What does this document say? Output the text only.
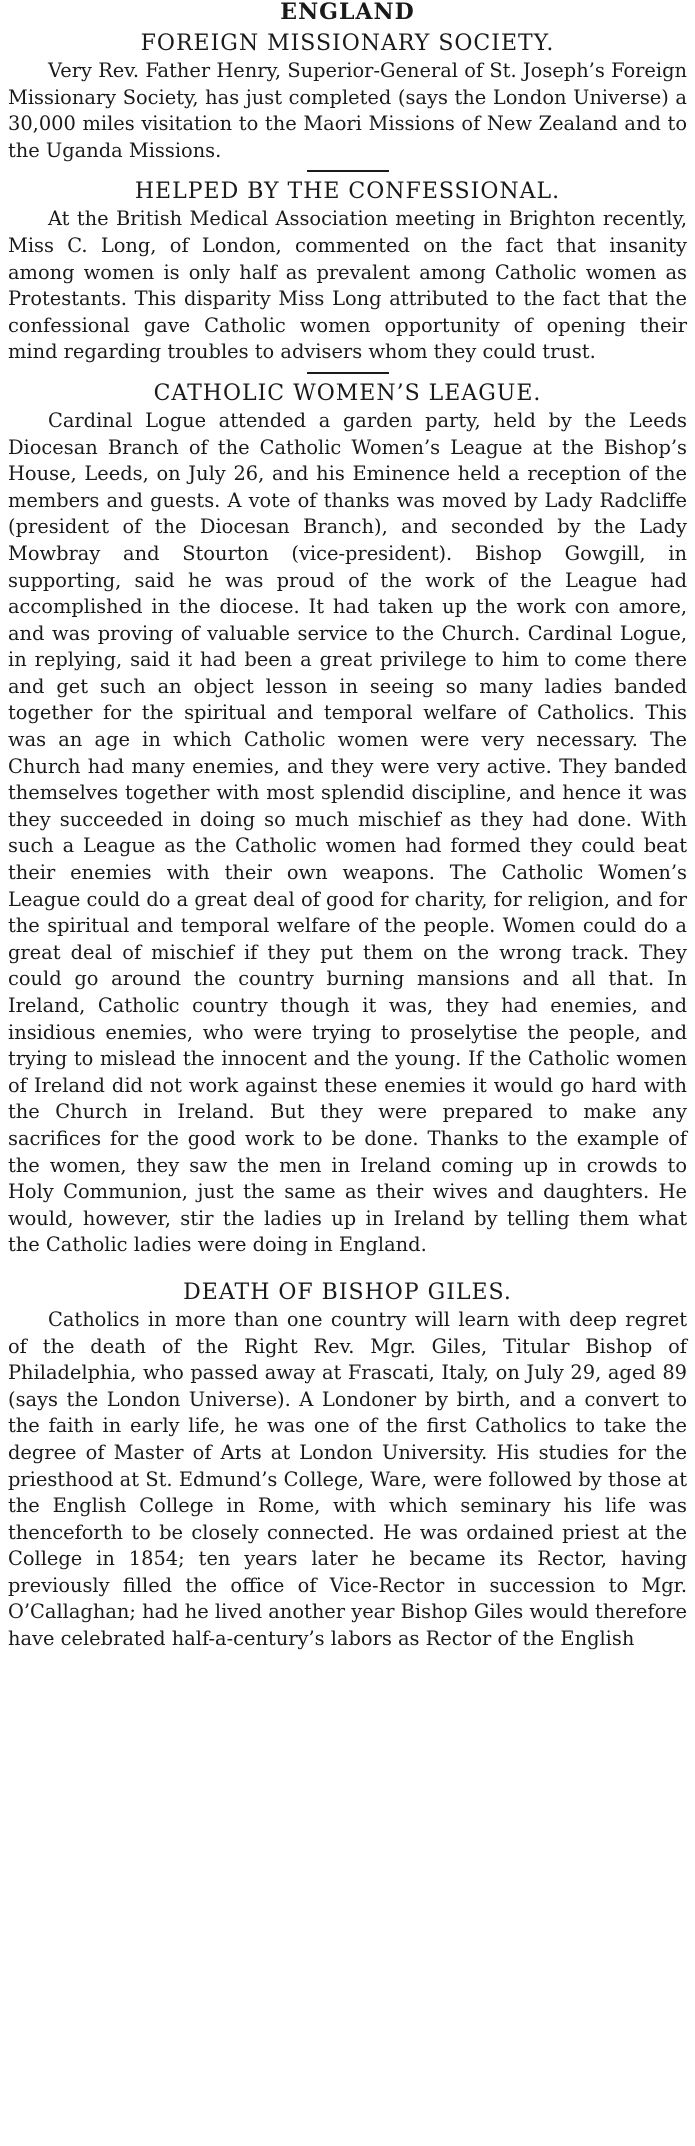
ENGLAND
FOREIGN MISSIONARY SOCIETY.

Very Rev. Father Henry, Superior-General of St. Joseph’s Foreign Missionary Society, has just completed (says the London Universe) a 30,000 miles visitation to the Maori Missions of New Zealand and to the Uganda Missions.

HELPED BY THE CONFESSIONAL.

At the British Medical Association meeting in Brighton recently, Miss C. Long, of London, commented on the fact that insanity among women is only half as prevalent among Catholic women as Protestants. This disparity Miss Long attributed to the fact that the confessional gave Catholic women opportunity of opening their mind regarding troubles to advisers whom they could trust.

CATHOLIC WOMEN’S LEAGUE.

Cardinal Logue attended a garden party, held by the Leeds Diocesan Branch of the Catholic Women’s League at the Bishop’s House, Leeds, on July 26, and his Eminence held a reception of the members and guests. A vote of thanks was moved by Lady Radcliffe (president of the Diocesan Branch), and seconded by the Lady Mowbray and Stourton (vice-president). Bishop Gowgill, in supporting, said he was proud of the work of the League had accomplished in the diocese. It had taken up the work con amore, and was proving of valuable service to the Church. Cardinal Logue, in replying, said it had been a great privilege to him to come there and get such an object lesson in seeing so many ladies banded together for the spiritual and temporal welfare of Catholics. This was an age in which Catholic women were very necessary. The Church had many enemies, and they were very active. They banded themselves together with most splendid discipline, and hence it was they succeeded in doing so much mischief as they had done. With such a League as the Catholic women had formed they could beat their enemies with their own weapons. The Catholic Women’s League could do a great deal of good for charity, for religion, and for the spiritual and temporal welfare of the people. Women could do a great deal of mischief if they put them on the wrong track. They could go around the country burning mansions and all that. In Ireland, Catholic country though it was, they had enemies, and insidious enemies, who were trying to proselytise the people, and trying to mislead the innocent and the young. If the Catholic women of Ireland did not work against these enemies it would go hard with the Church in Ireland. But they were prepared to make any sacrifices for the good work to be done. Thanks to the example of the women, they saw the men in Ireland coming up in crowds to Holy Communion, just the same as their wives and daughters. He would, however, stir the ladies up in Ireland by telling them what the Catholic ladies were doing in England.

DEATH OF BISHOP GILES.

Catholics in more than one country will learn with deep regret of the death of the Right Rev. Mgr. Giles, Titular Bishop of Philadelphia, who passed away at Frascati, Italy, on July 29, aged 89 (says the London Universe). A Londoner by birth, and a convert to the faith in early life, he was one of the first Catholics to take the degree of Master of Arts at London University. His studies for the priesthood at St. Edmund’s College, Ware, were followed by those at the English College in Rome, with which seminary his life was thenceforth to be closely connected. He was ordained priest at the College in 1854; ten years later he became its Rector, having previously filled the office of Vice-Rector in succession to Mgr. O’Callaghan; had he lived another year Bishop Giles would therefore have celebrated half-a-century’s labors as Rector of the English
